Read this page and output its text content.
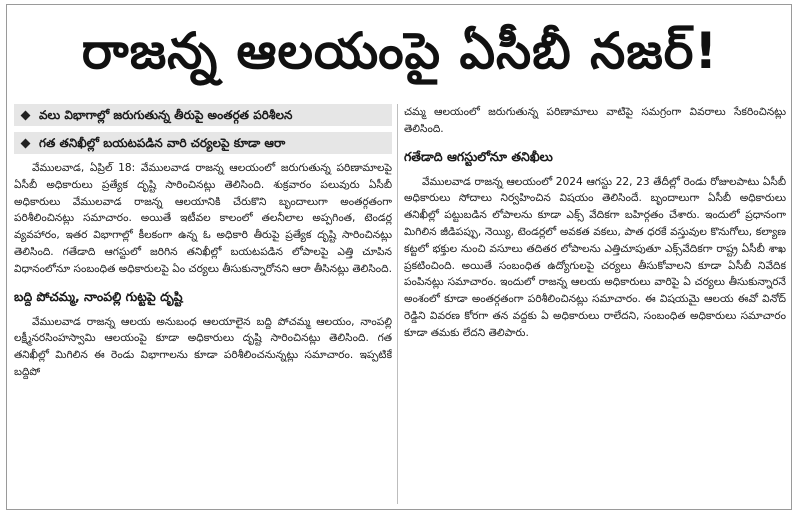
రాజన్న ఆలయంపై ఏసీబీ నజర్!
వలు విభాగాల్లో జరుగుతున్న తీరుపై అంతర్గత పరిశీలన
గత తనిఖీల్లో బయటపడిన వారి చర్యలపై కూడా ఆరా

వేములవాడ, ఏప్రిల్ 18: వేములవాడ రాజన్న ఆలయంలో జరుగుతున్న పరిణామాలపై ఏసీబీ అధికారులు ప్రత్యేక దృష్టి సారించినట్లు తెలిసింది. శుక్రవారం పలువురు ఏసీబీ అధికారులు వేములవాడ రాజన్న ఆలయానికి చేరుకొని బృందాలుగా అంతర్గతంగా పరిశీలించినట్లు సమాచారం. అయితే ఇటీవల కాలంలో తలనీలాల అప్పగింత, టెండర్ల వ్యవహారం, ఇతర విభాగాల్లో కీలకంగా ఉన్న ఓ అధికారి తీరుపై ప్రత్యేక దృష్టి సారించినట్లు తెలిసింది. గతేడాది ఆగస్టులో జరిగిన తనిఖీల్లో బయటపడిన లోపాలపై ఎత్తి చూపిన విధానంలోనూ సంబంధిత అధికారులపై ఏం చర్యలు తీసుకున్నారోనని ఆరా తీసినట్లు తెలిసింది.

బద్ది పోచమ్మ, నాంపల్లి గుట్టపై దృష్టి

వేములవాడ రాజన్న ఆలయ అనుబంధ ఆలయాలైన బద్ది పోచమ్మ ఆలయం, నాంపల్లి లక్ష్మీనరసింహస్వామి ఆలయంపై కూడా అధికారులు దృష్టి సారించినట్లు తెలిసింది. గత తనిఖీల్లో మిగిలిన ఈ రెండు విభాగాలను కూడా పరిశీలించనున్నట్లు సమాచారం. ఇప్పటికే బద్దిపో

చమ్మ ఆలయంలో జరుగుతున్న పరిణామాలు వాటిపై సమగ్రంగా వివరాలు సేకరించినట్లు తెలిసింది.

గతేడాది ఆగస్టులోనూ తనిఖీలు

వేములవాడ రాజన్న ఆలయంలో 2024 ఆగస్టు 22, 23 తేదీల్లో రెండు రోజులపాటు ఏసీబీ అధికారులు సోదాలు నిర్వహించిన విషయం తెలిసిందే. బృందాలుగా ఏసీబీ అధికారులు తనిఖీల్లో పట్టుబడిన లోపాలను కూడా ఎక్స్ వేదికగా బహిర్గతం చేశారు. ఇందులో ప్రధానంగా మిగిలిన జీడిపప్పు, నెయ్యి, టెండర్లలో అవకత వకలు, పాత ధరకే వస్తువుల కొనుగోలు, కల్యాణ కట్టలో భక్తుల నుంచి వసూలు తదితర లోపాలను ఎత్తిచూపుతూ ఎక్స్‌వేదికగా రాష్ట్ర ఏసీబీ శాఖ ప్రకటించింది. అయితే సంబంధిత ఉద్యోగులపై చర్యలు తీసుకోవాలని కూడా ఏసీబీ నివేదిక పంపినట్లు సమాచారం. ఇందులో రాజన్న ఆలయ అధికారులు వారిపై ఏ చర్యలు తీసుకున్నారనే అంశంలో కూడా అంతర్గతంగా పరిశీలించినట్లు సమాచారం. ఈ విషయమై ఆలయ ఈవో వినోద్ రెడ్డిని వివరణ కోరగా తన వద్దకు ఏ అధికారులు రాలేదని, సంబంధిత అధికారులు సమాచారం కూడా తమకు లేదని తెలిపారు.
